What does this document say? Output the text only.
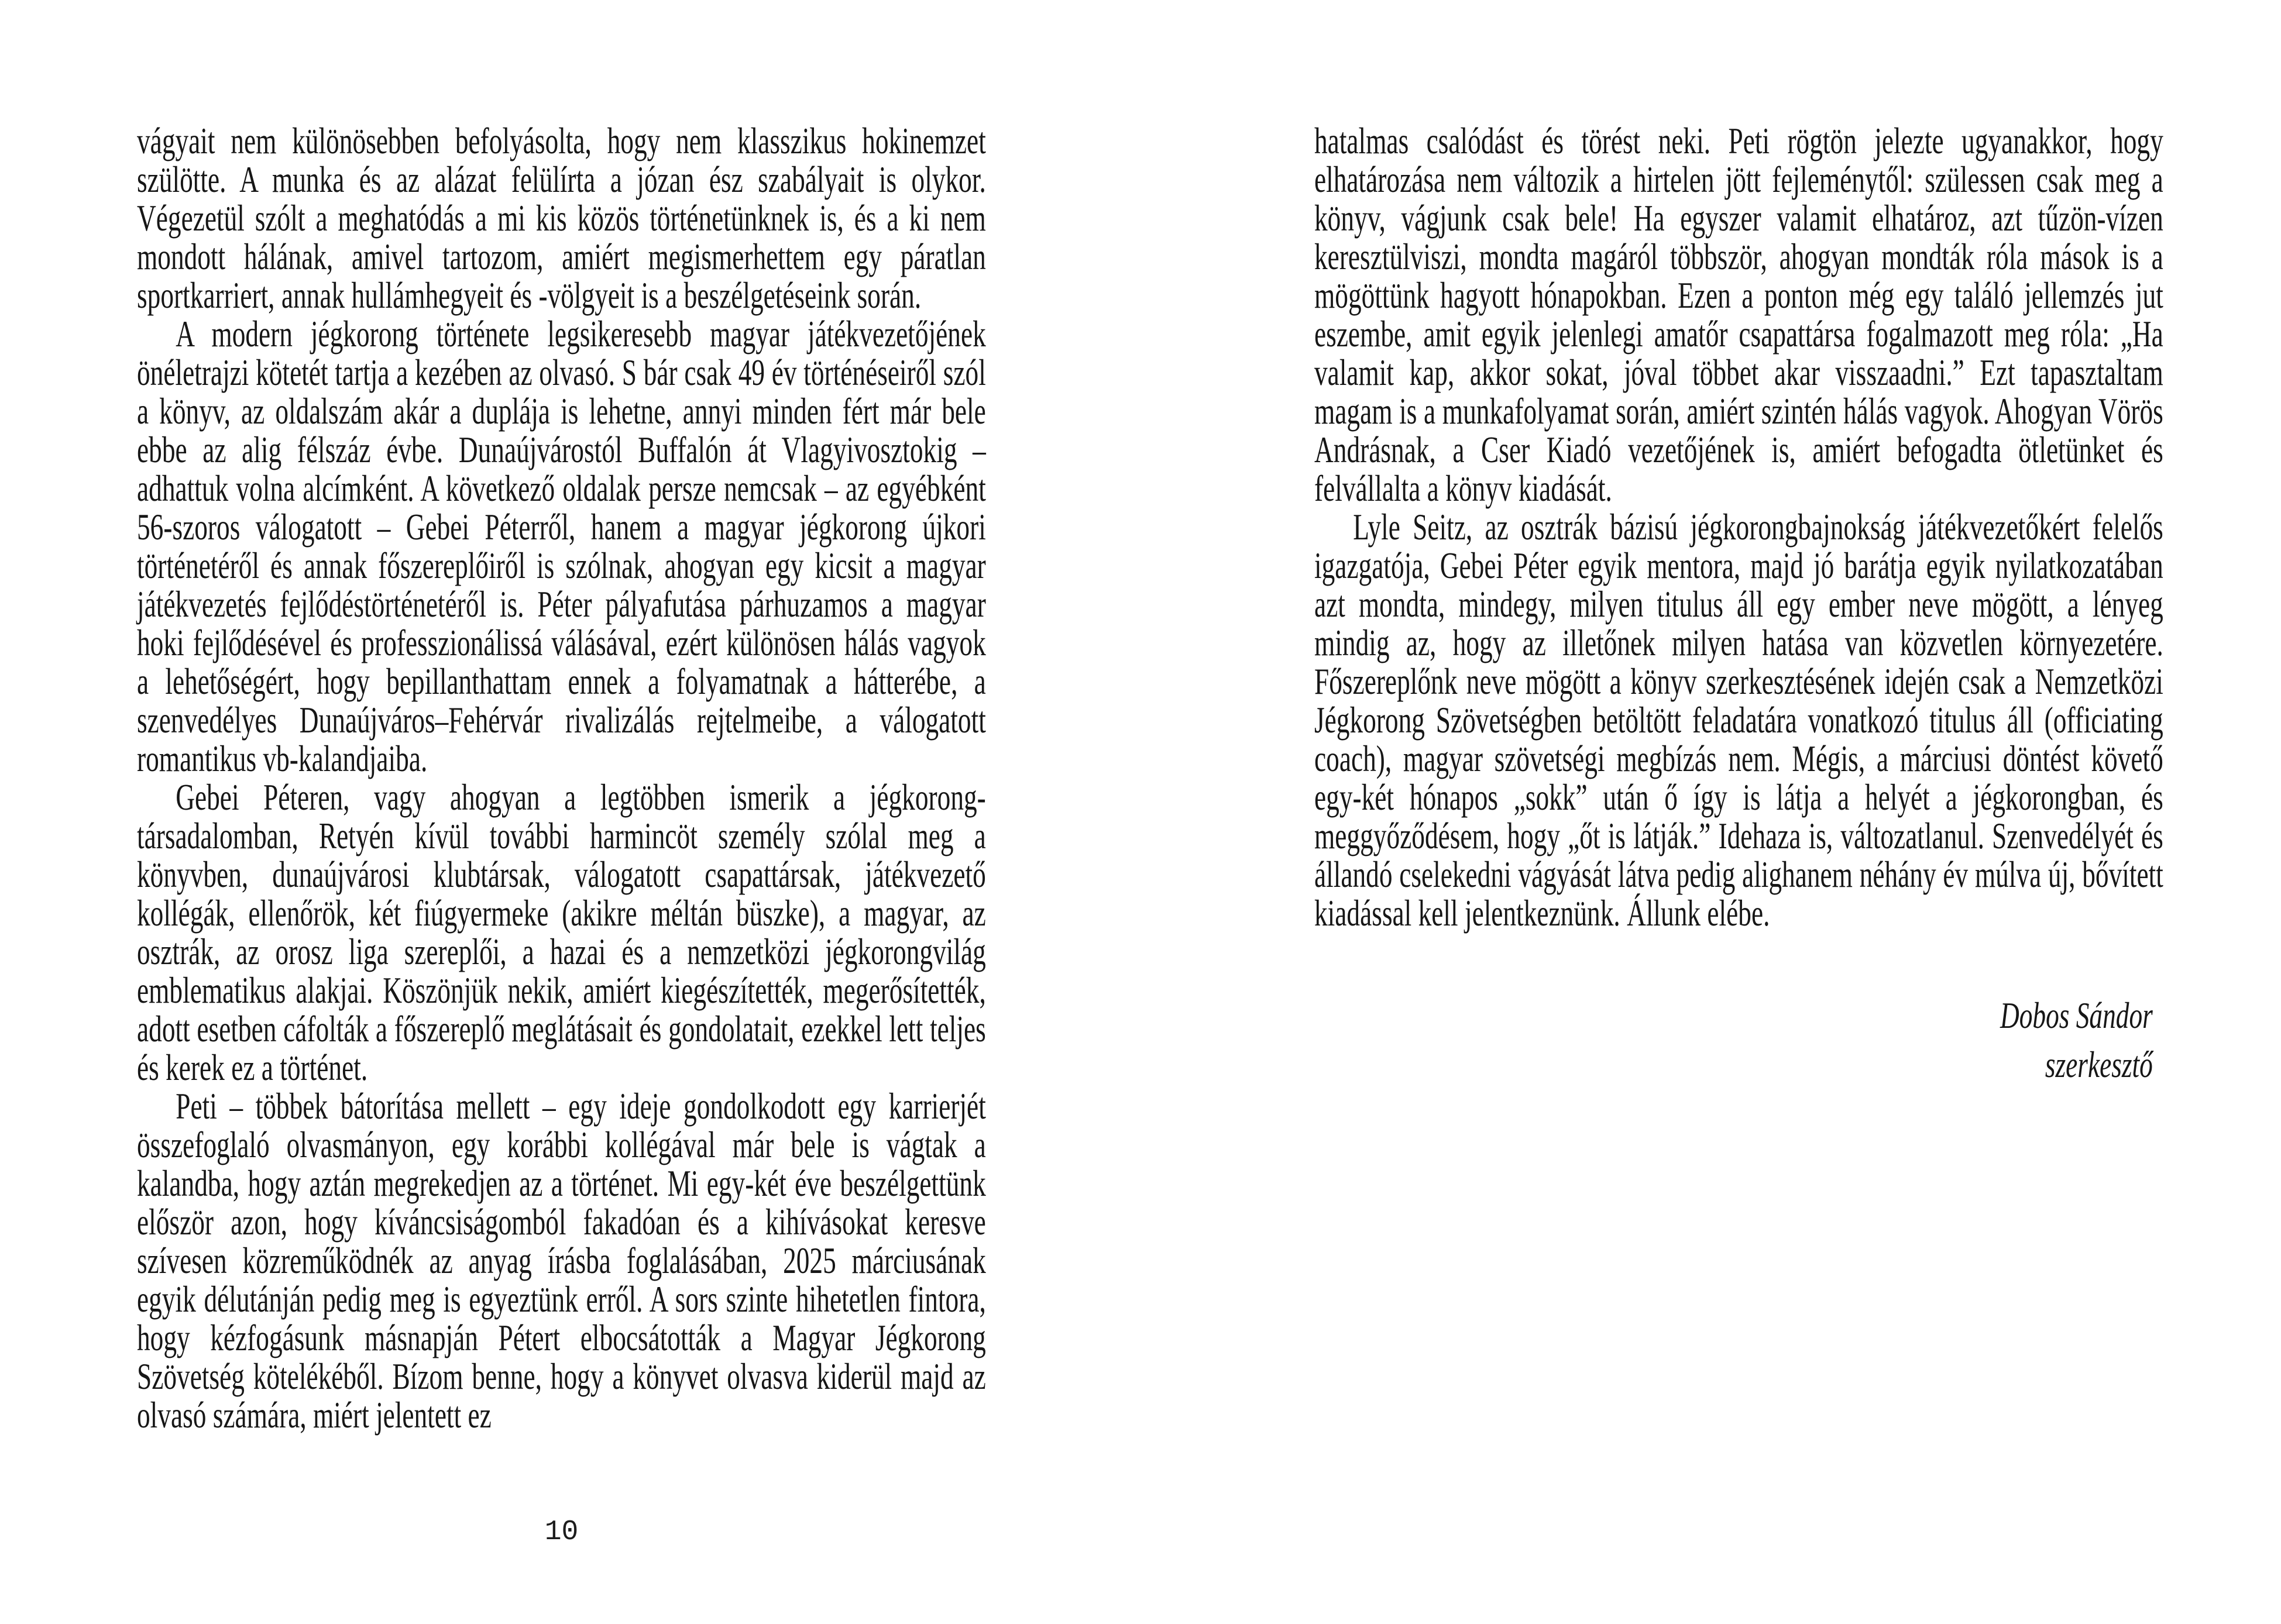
vágyait nem különösebben befolyásolta, hogy nem klasszikus hokinemzet szülötte. A munka és az alázat felülírta a józan ész szabályait is olykor. Végezetül szólt a meghatódás a mi kis közös történetünknek is, és a ki nem mondott hálának, amivel tartozom, amiért megismerhettem egy páratlan sportkarriert, annak hullámhegyeit és -völgyeit is a beszélgetéseink során.

A modern jégkorong története legsikeresebb magyar játékvezetőjének önéletrajzi kötetét tartja a kezében az olvasó. S bár csak 49 év történéseiről szól a könyv, az oldalszám akár a duplája is lehetne, annyi minden fért már bele ebbe az alig félszáz évbe. Dunaújvárostól Buffalón át Vlagyivosztokig – adhattuk volna alcímként. A következő oldalak persze nemcsak – az egyébként 56-szoros válogatott – Gebei Péterről, hanem a magyar jégkorong újkori történetéről és annak főszereplőiről is szólnak, ahogyan egy kicsit a magyar játékvezetés fejlődéstörténetéről is. Péter pályafutása párhuzamos a magyar hoki fejlődésével és professzionálissá válásával, ezért különösen hálás vagyok a lehetőségért, hogy bepillanthattam ennek a folyamatnak a hátterébe, a szenvedélyes Dunaújváros–Fehérvár rivalizálás rejtelmeibe, a válogatott romantikus vb-kalandjaiba.

Gebei Péteren, vagy ahogyan a legtöbben ismerik a jégkorong-társadalomban, Retyén kívül további harmincöt személy szólal meg a könyvben, dunaújvárosi klubtársak, válogatott csapattársak, játékvezető kollégák, ellenőrök, két fiúgyermeke (akikre méltán büszke), a magyar, az osztrák, az orosz liga szereplői, a hazai és a nemzetközi jégkorongvilág emblematikus alakjai. Köszönjük nekik, amiért kiegészítették, megerősítették, adott esetben cáfolták a főszereplő meglátásait és gondolatait, ezekkel lett teljes és kerek ez a történet.

Peti – többek bátorítása mellett – egy ideje gondolkodott egy karrierjét összefoglaló olvasmányon, egy korábbi kollégával már bele is vágtak a kalandba, hogy aztán megrekedjen az a történet. Mi egy-két éve beszélgettünk először azon, hogy kíváncsiságomból fakadóan és a kihívásokat keresve szívesen közreműködnék az anyag írásba foglalásában, 2025 márciusának egyik délutánján pedig meg is egyeztünk erről. A sors szinte hihetetlen fintora, hogy kézfogásunk másnapján Pétert elbocsátották a Magyar Jégkorong Szövetség kötelékéből. Bízom benne, hogy a könyvet olvasva kiderül majd az olvasó számára, miért jelentett ez

10

hatalmas csalódást és törést neki. Peti rögtön jelezte ugyanakkor, hogy elhatározása nem változik a hirtelen jött fejleménytől: szülessen csak meg a könyv, vágjunk csak bele! Ha egyszer valamit elhatároz, azt tűzön-vízen keresztülviszi, mondta magáról többször, ahogyan mondták róla mások is a mögöttünk hagyott hónapokban. Ezen a ponton még egy találó jellemzés jut eszembe, amit egyik jelenlegi amatőr csapattársa fogalmazott meg róla: „Ha valamit kap, akkor sokat, jóval többet akar visszaadni.” Ezt tapasztaltam magam is a munkafolyamat során, amiért szintén hálás vagyok. Ahogyan Vörös Andrásnak, a Cser Kiadó vezetőjének is, amiért befogadta ötletünket és felvállalta a könyv kiadását.

Lyle Seitz, az osztrák bázisú jégkorongbajnokság játékvezetőkért felelős igazgatója, Gebei Péter egyik mentora, majd jó barátja egyik nyilatkozatában azt mondta, mindegy, milyen titulus áll egy ember neve mögött, a lényeg mindig az, hogy az illetőnek milyen hatása van közvetlen környezetére. Főszereplőnk neve mögött a könyv szerkesztésének idején csak a Nemzetközi Jégkorong Szövetségben betöltött feladatára vonatkozó titulus áll (officiating coach), magyar szövetségi megbízás nem. Mégis, a márciusi döntést követő egy-két hónapos „sokk” után ő így is látja a helyét a jégkorongban, és meggyőződésem, hogy „őt is látják.” Idehaza is, változatlanul. Szenvedélyét és állandó cselekedni vágyását látva pedig alighanem néhány év múlva új, bővített kiadással kell jelentkeznünk. Állunk elébe.

Dobos Sándor
szerkesztő
